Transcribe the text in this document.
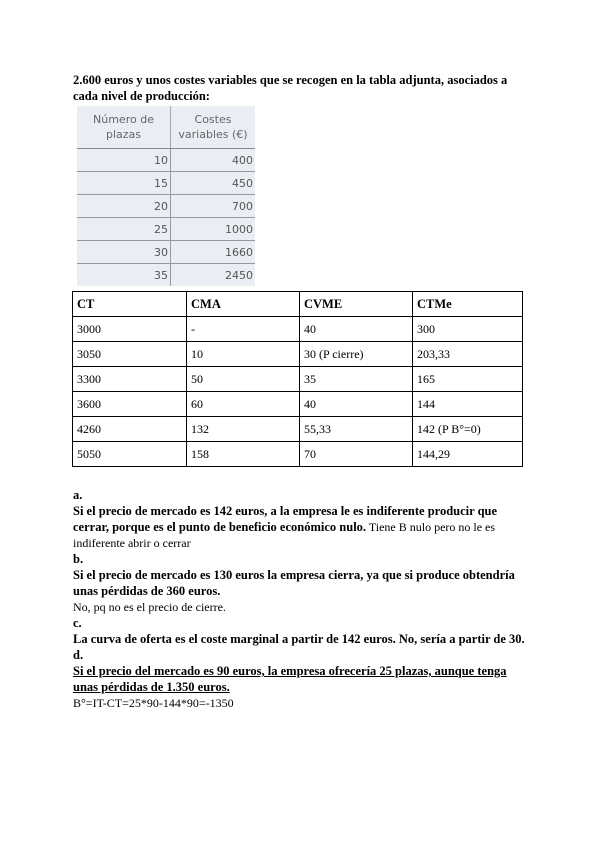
2.600 euros y unos costes variables que se recogen en la tabla adjunta, asociados a cada nivel de producción:
Número de plazas	Costes variables (€)
10	400
15	450
20	700
25	1000
30	1660
35	2450
CT	CMA	CVME	CTMe
3000	-	40	300
3050	10	30 (P cierre)	203,33
3300	50	35	165
3600	60	40	144
4260	132	55,33	142 (P B°=0)
5050	158	70	144,29

a.

Si el precio de mercado es 142 euros, a la empresa le es indiferente producir que cerrar, porque es el punto de beneficio económico nulo. Tiene B nulo pero no le es indiferente abrir o cerrar

b.

Si el precio de mercado es 130 euros la empresa cierra, ya que si produce obtendría unas pérdidas de 360 euros.

No, pq no es el precio de cierre.

c.

La curva de oferta es el coste marginal a partir de 142 euros. No, sería a partir de 30.

d.

Si el precio del mercado es 90 euros, la empresa ofrecería 25 plazas, aunque tenga unas pérdidas de 1.350 euros.

B°=IT-CT=25*90-144*90=-1350
